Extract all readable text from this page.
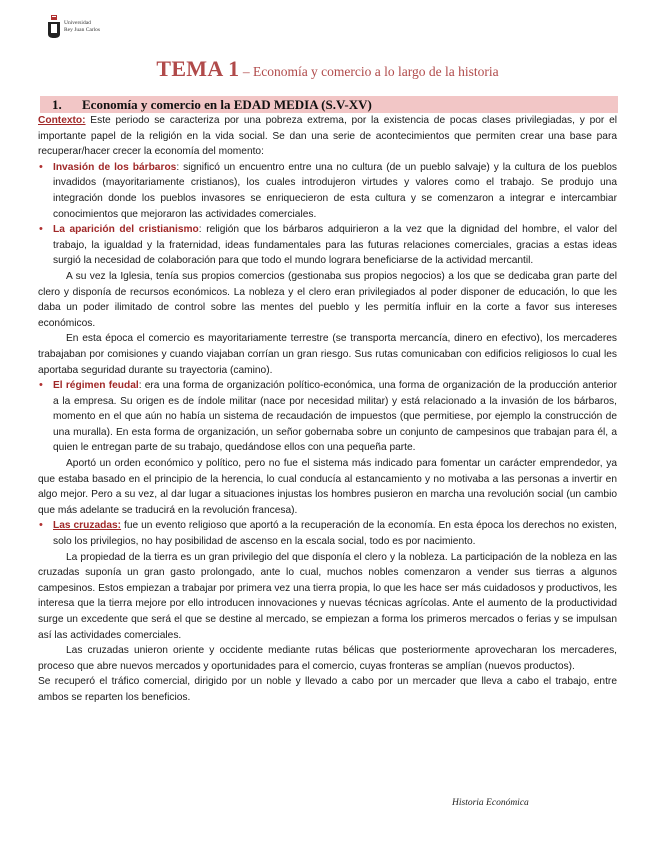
Universidad
Rey Juan Carlos
TEMA 1 – Economía y comercio a lo largo de la historia
1. Economía y comercio en la EDAD MEDIA (S.V-XV)

Contexto: Este periodo se caracteriza por una pobreza extrema, por la existencia de pocas clases privilegiadas, y por el importante papel de la religión en la vida social. Se dan una serie de acontecimientos que permiten crear una base para recuperar/hacer crecer la economía del momento:

• Invasión de los bárbaros: significó un encuentro entre una no cultura (de un pueblo salvaje) y la cultura de los pueblos invadidos (mayoritariamente cristianos), los cuales introdujeron virtudes y valores como el trabajo. Se produjo una integración donde los pueblos invasores se enriquecieron de esta cultura y se comenzaron a integrar e intercambiar conocimientos que mejoraron las actividades comerciales.

• La aparición del cristianismo: religión que los bárbaros adquirieron a la vez que la dignidad del hombre, el valor del trabajo, la igualdad y la fraternidad, ideas fundamentales para las futuras relaciones comerciales, gracias a estas ideas surgió la necesidad de colaboración para que todo el mundo lograra beneficiarse de la actividad mercantil.

A su vez la Iglesia, tenía sus propios comercios (gestionaba sus propios negocios) a los que se dedicaba gran parte del clero y disponía de recursos económicos. La nobleza y el clero eran privilegiados al poder disponer de educación, lo que les daba un poder ilimitado de control sobre las mentes del pueblo y les permitía influir en la corte a favor sus intereses económicos.

En esta época el comercio es mayoritariamente terrestre (se transporta mercancía, dinero en efectivo), los mercaderes trabajaban por comisiones y cuando viajaban corrían un gran riesgo. Sus rutas comunicaban con edificios religiosos lo cual les aportaba seguridad durante su trayectoria (camino).

• El régimen feudal: era una forma de organización político-económica, una forma de organización de la producción anterior a la empresa. Su origen es de índole militar (nace por necesidad militar) y está relacionado a la invasión de los bárbaros, momento en el que aún no había un sistema de recaudación de impuestos (que permitiese, por ejemplo la construcción de una muralla). En esta forma de organización, un señor gobernaba sobre un conjunto de campesinos que trabajan para él, a quien le entregan parte de su trabajo, quedándose ellos con una pequeña parte.

Aportó un orden económico y político, pero no fue el sistema más indicado para fomentar un carácter emprendedor, ya que estaba basado en el principio de la herencia, lo cual conducía al estancamiento y no motivaba a las personas a invertir en algo mejor. Pero a su vez, al dar lugar a situaciones injustas los hombres pusieron en marcha una revolución social (un cambio que más adelante se traducirá en la revolución francesa).

• Las cruzadas: fue un evento religioso que aportó a la recuperación de la economía. En esta época los derechos no existen, solo los privilegios, no hay posibilidad de ascenso en la escala social, todo es por nacimiento.

La propiedad de la tierra es un gran privilegio del que disponía el clero y la nobleza. La participación de la nobleza en las cruzadas suponía un gran gasto prolongado, ante lo cual, muchos nobles comenzaron a vender sus tierras a algunos campesinos. Estos empiezan a trabajar por primera vez una tierra propia, lo que les hace ser más cuidadosos y productivos, les interesa que la tierra mejore por ello introducen innovaciones y nuevas técnicas agrícolas. Ante el aumento de la productividad surge un excedente que será el que se destine al mercado, se empiezan a forma los primeros mercados o ferias y se impulsan así las actividades comerciales.

Las cruzadas unieron oriente y occidente mediante rutas bélicas que posteriormente aprovecharan los mercaderes, proceso que abre nuevos mercados y oportunidades para el comercio, cuyas fronteras se amplían (nuevos productos).

Se recuperó el tráfico comercial, dirigido por un noble y llevado a cabo por un mercader que lleva a cabo el trabajo, entre ambos se reparten los beneficios.

Historia Económica
